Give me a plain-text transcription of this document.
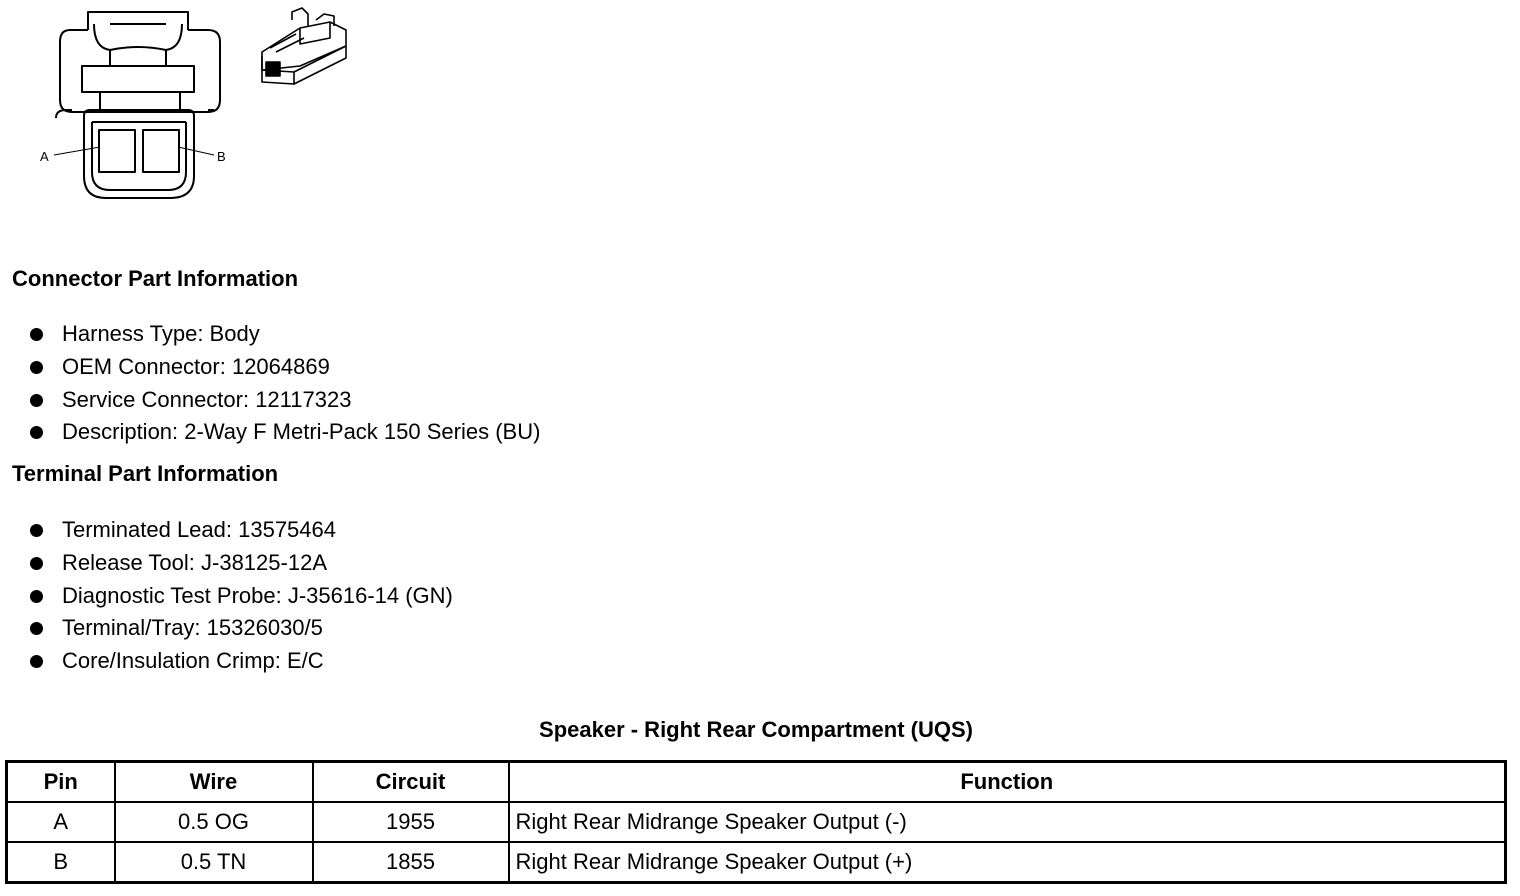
A	B
Connector Part Information
Harness Type: Body
OEM Connector: 12064869
Service Connector: 12117323
Description: 2-Way F Metri-Pack 150 Series (BU)
Terminal Part Information
Terminated Lead: 13575464
Release Tool: J-38125-12A
Diagnostic Test Probe: J-35616-14 (GN)
Terminal/Tray: 15326030/5
Core/Insulation Crimp: E/C
Speaker - Right Rear Compartment (UQS)
Pin	Wire	Circuit	Function
A	0.5 OG	1955	Right Rear Midrange Speaker Output (-)
B	0.5 TN	1855	Right Rear Midrange Speaker Output (+)
